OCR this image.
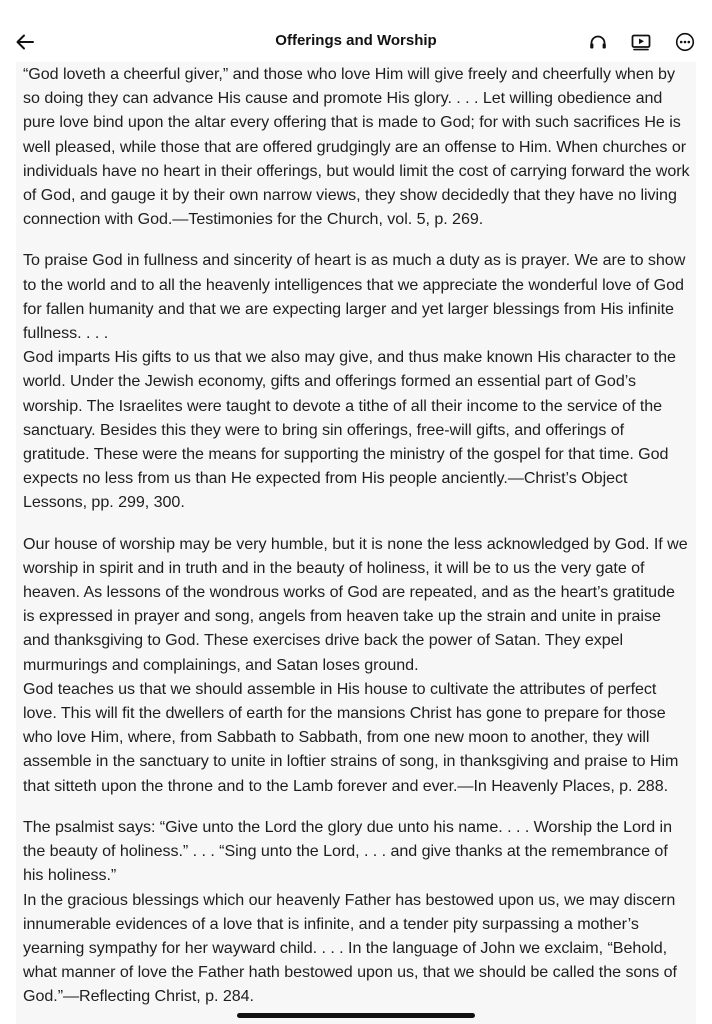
Offerings and Worship

“God loveth a cheerful giver,” and those who love Him will give freely and cheerfully when by so doing they can advance His cause and promote His glory. . . . Let willing obedience and pure love bind upon the altar every offering that is made to God; for with such sacrifices He is well pleased, while those that are offered grudgingly are an offense to Him. When churches or individuals have no heart in their offerings, but would limit the cost of carrying forward the work of God, and gauge it by their own narrow views, they show decidedly that they have no living connection with God.—Testimonies for the Church, vol. 5, p. 269.

To praise God in fullness and sincerity of heart is as much a duty as is prayer. We are to show to the world and to all the heavenly intelligences that we appreciate the wonderful love of God for fallen humanity and that we are expecting larger and yet larger blessings from His infinite fullness. . . .

God imparts His gifts to us that we also may give, and thus make known His character to the world. Under the Jewish economy, gifts and offerings formed an essential part of God’s worship. The Israelites were taught to devote a tithe of all their income to the service of the sanctuary. Besides this they were to bring sin offerings, free-will gifts, and offerings of gratitude. These were the means for supporting the ministry of the gospel for that time. God expects no less from us than He expected from His people anciently.—Christ’s Object Lessons, pp. 299, 300.

Our house of worship may be very humble, but it is none the less acknowledged by God. If we worship in spirit and in truth and in the beauty of holiness, it will be to us the very gate of heaven. As lessons of the wondrous works of God are repeated, and as the heart’s gratitude is expressed in prayer and song, angels from heaven take up the strain and unite in praise and thanksgiving to God. These exercises drive back the power of Satan. They expel murmurings and complainings, and Satan loses ground.

God teaches us that we should assemble in His house to cultivate the attributes of perfect love. This will fit the dwellers of earth for the mansions Christ has gone to prepare for those who love Him, where, from Sabbath to Sabbath, from one new moon to another, they will assemble in the sanctuary to unite in loftier strains of song, in thanksgiving and praise to Him that sitteth upon the throne and to the Lamb forever and ever.—In Heavenly Places, p. 288.

The psalmist says: “Give unto the Lord the glory due unto his name. . . . Worship the Lord in the beauty of holiness.” . . . “Sing unto the Lord, . . . and give thanks at the remembrance of his holiness.”

In the gracious blessings which our heavenly Father has bestowed upon us, we may discern innumerable evidences of a love that is infinite, and a tender pity surpassing a mother’s yearning sympathy for her wayward child. . . . In the language of John we exclaim, “Behold, what manner of love the Father hath bestowed upon us, that we should be called the sons of God.”—Reflecting Christ, p. 284.
